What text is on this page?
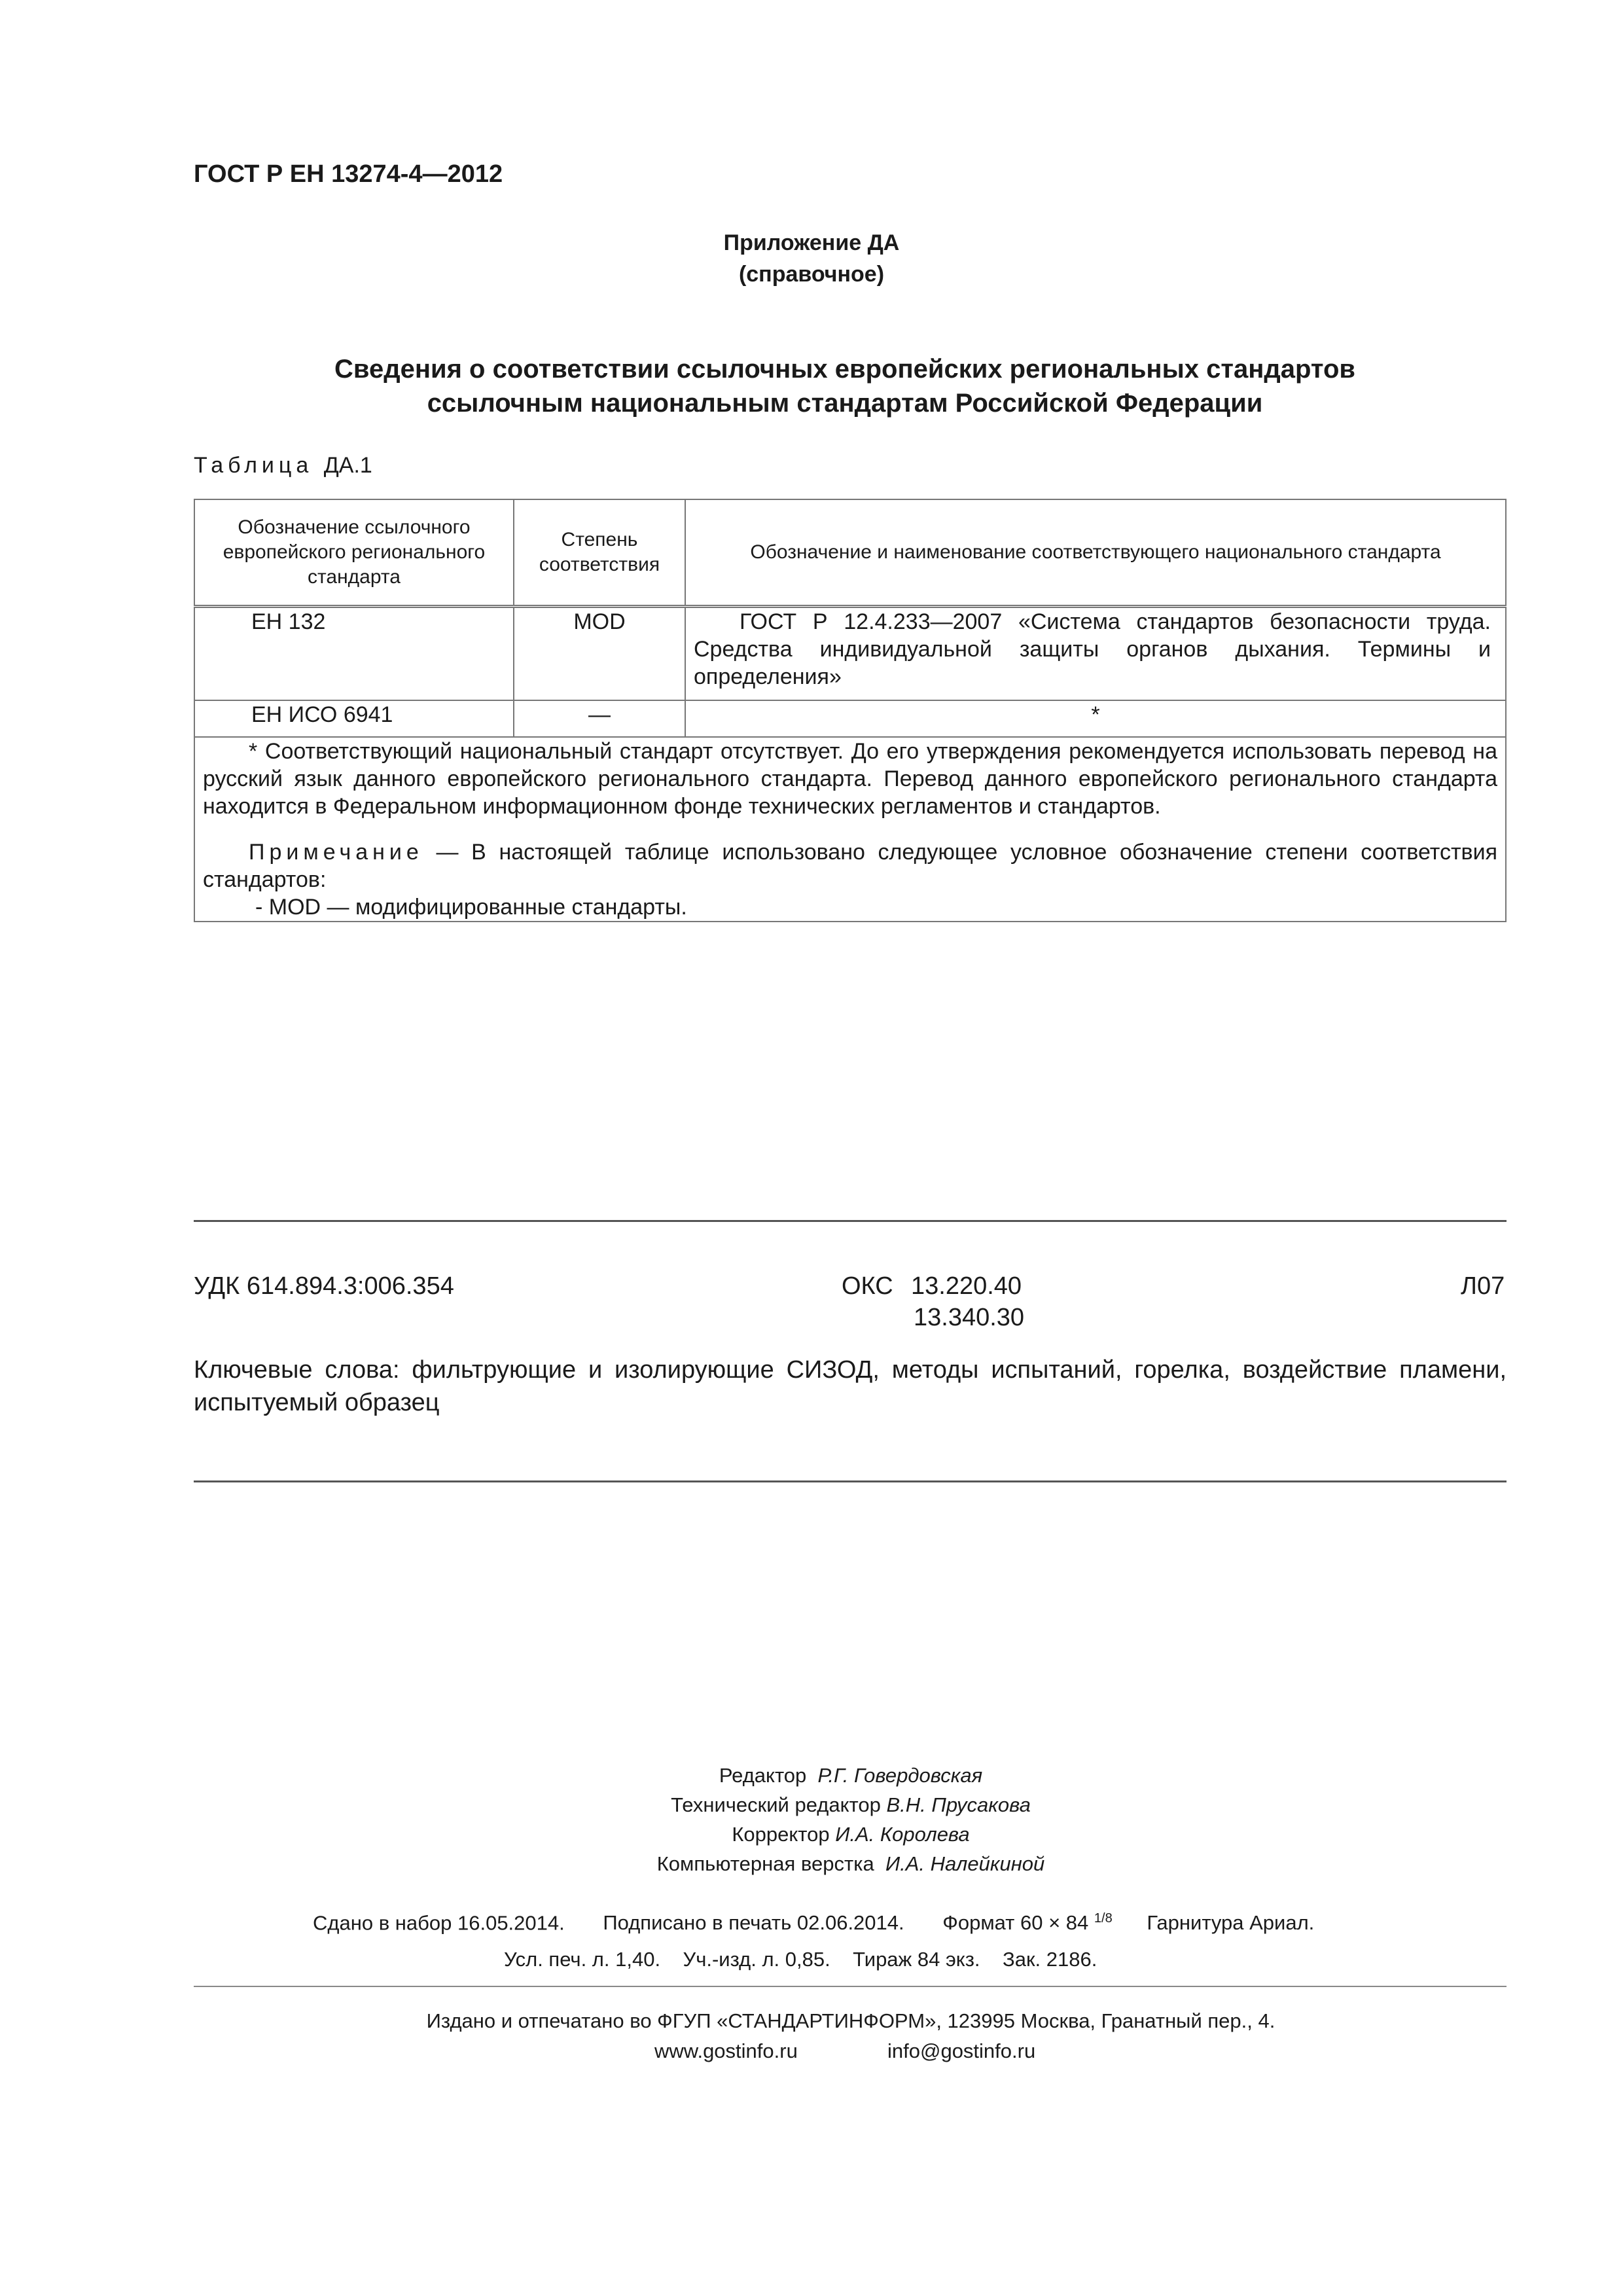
ГОСТ Р ЕН 13274-4—2012
Приложение ДА
(справочное)
Сведения о соответствии ссылочных европейских региональных стандартов
ссылочным национальным стандартам Российской Федерации
Таблица ДА.1
Обозначение ссылочного европейского регионального стандарта	Степень соответствия	Обозначение и наименование соответствующего национального стандарта
ЕН 132	MOD	ГОСТ Р 12.4.233—2007 «Система стандартов безопасности труда. Средства индивидуальной защиты органов дыхания. Термины и определения»
ЕН ИСО 6941	—	*

* Соответствующий национальный стандарт отсутствует. До его утверждения рекомендуется использовать перевод на русский язык данного европейского регионального стандарта. Перевод данного европейского регионального стандарта находится в Федеральном информационном фонде технических регламентов и стандартов.
Примечание — В настоящей таблице использовано следующее условное обозначение степени соответствия стандартов:
- MOD — модифицированные стандарты.		
УДК 614.894.3:006.354	ОКС 13.220.40
13.340.30
Л07
Ключевые слова: фильтрующие и изолирующие СИЗОД, методы испытаний, горелка, воздействие пламени, испытуемый образец
Редактор Р.Г. Говердовская
Технический редактор В.Н. Прусакова
Корректор И.А. Королева
Компьютерная верстка И.А. Налейкиной
Сдано в набор 16.05.2014. Подписано в печать 02.06.2014. Формат 60 × 84 $^{1/8}$ Гарнитура Ариал.
Усл. печ. л. 1,40.    Уч.-изд. л. 0,85.    Тираж 84 экз.    Зак. 2186.
Издано и отпечатано во ФГУП «СТАНДАРТИНФОРМ», 123995 Москва, Гранатный пер., 4.
www.gostinfo.ru	info@gostinfo.ru
